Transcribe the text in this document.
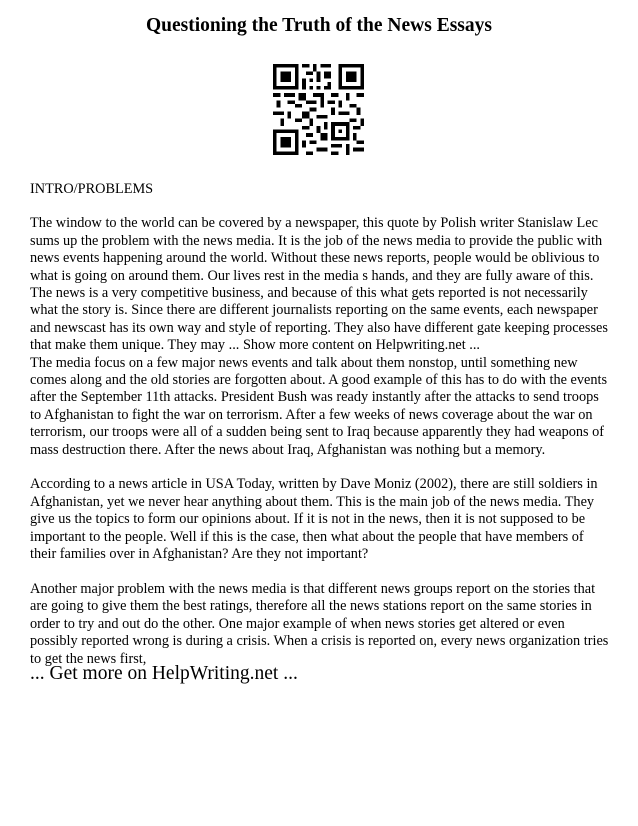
Questioning the Truth of the News Essays

INTRO/PROBLEMS

The window to the world can be covered by a newspaper, this quote by Polish writer Stanislaw Lec sums up the problem with the news media. It is the job of the news media to provide the public with news events happening around the world. Without these news reports, people would be oblivious to what is going on around them. Our lives rest in the media s hands, and they are fully aware of this. The news is a very competitive business, and because of this what gets reported is not necessarily what the story is. Since there are different journalists reporting on the same events, each newspaper and newscast has its own way and style of reporting. They also have different gate keeping processes that make them unique. They may ... Show more content on Helpwriting.net ...

The media focus on a few major news events and talk about them nonstop, until something new comes along and the old stories are forgotten about. A good example of this has to do with the events after the September 11th attacks. President Bush was ready instantly after the attacks to send troops to Afghanistan to fight the war on terrorism. After a few weeks of news coverage about the war on terrorism, our troops were all of a sudden being sent to Iraq because apparently they had weapons of mass destruction there. After the news about Iraq, Afghanistan was nothing but a memory.

According to a news article in USA Today, written by Dave Moniz (2002), there are still soldiers in Afghanistan, yet we never hear anything about them. This is the main job of the news media. They give us the topics to form our opinions about. If it is not in the news, then it is not supposed to be important to the people. Well if this is the case, then what about the people that have members of their families over in Afghanistan? Are they not important?

Another major problem with the news media is that different news groups report on the stories that are going to give them the best ratings, therefore all the news stations report on the same stories in order to try and out do the other. One major example of when news stories get altered or even possibly reported wrong is during a crisis. When a crisis is reported on, every news organization tries to get the news first,

... Get more on HelpWriting.net ...
